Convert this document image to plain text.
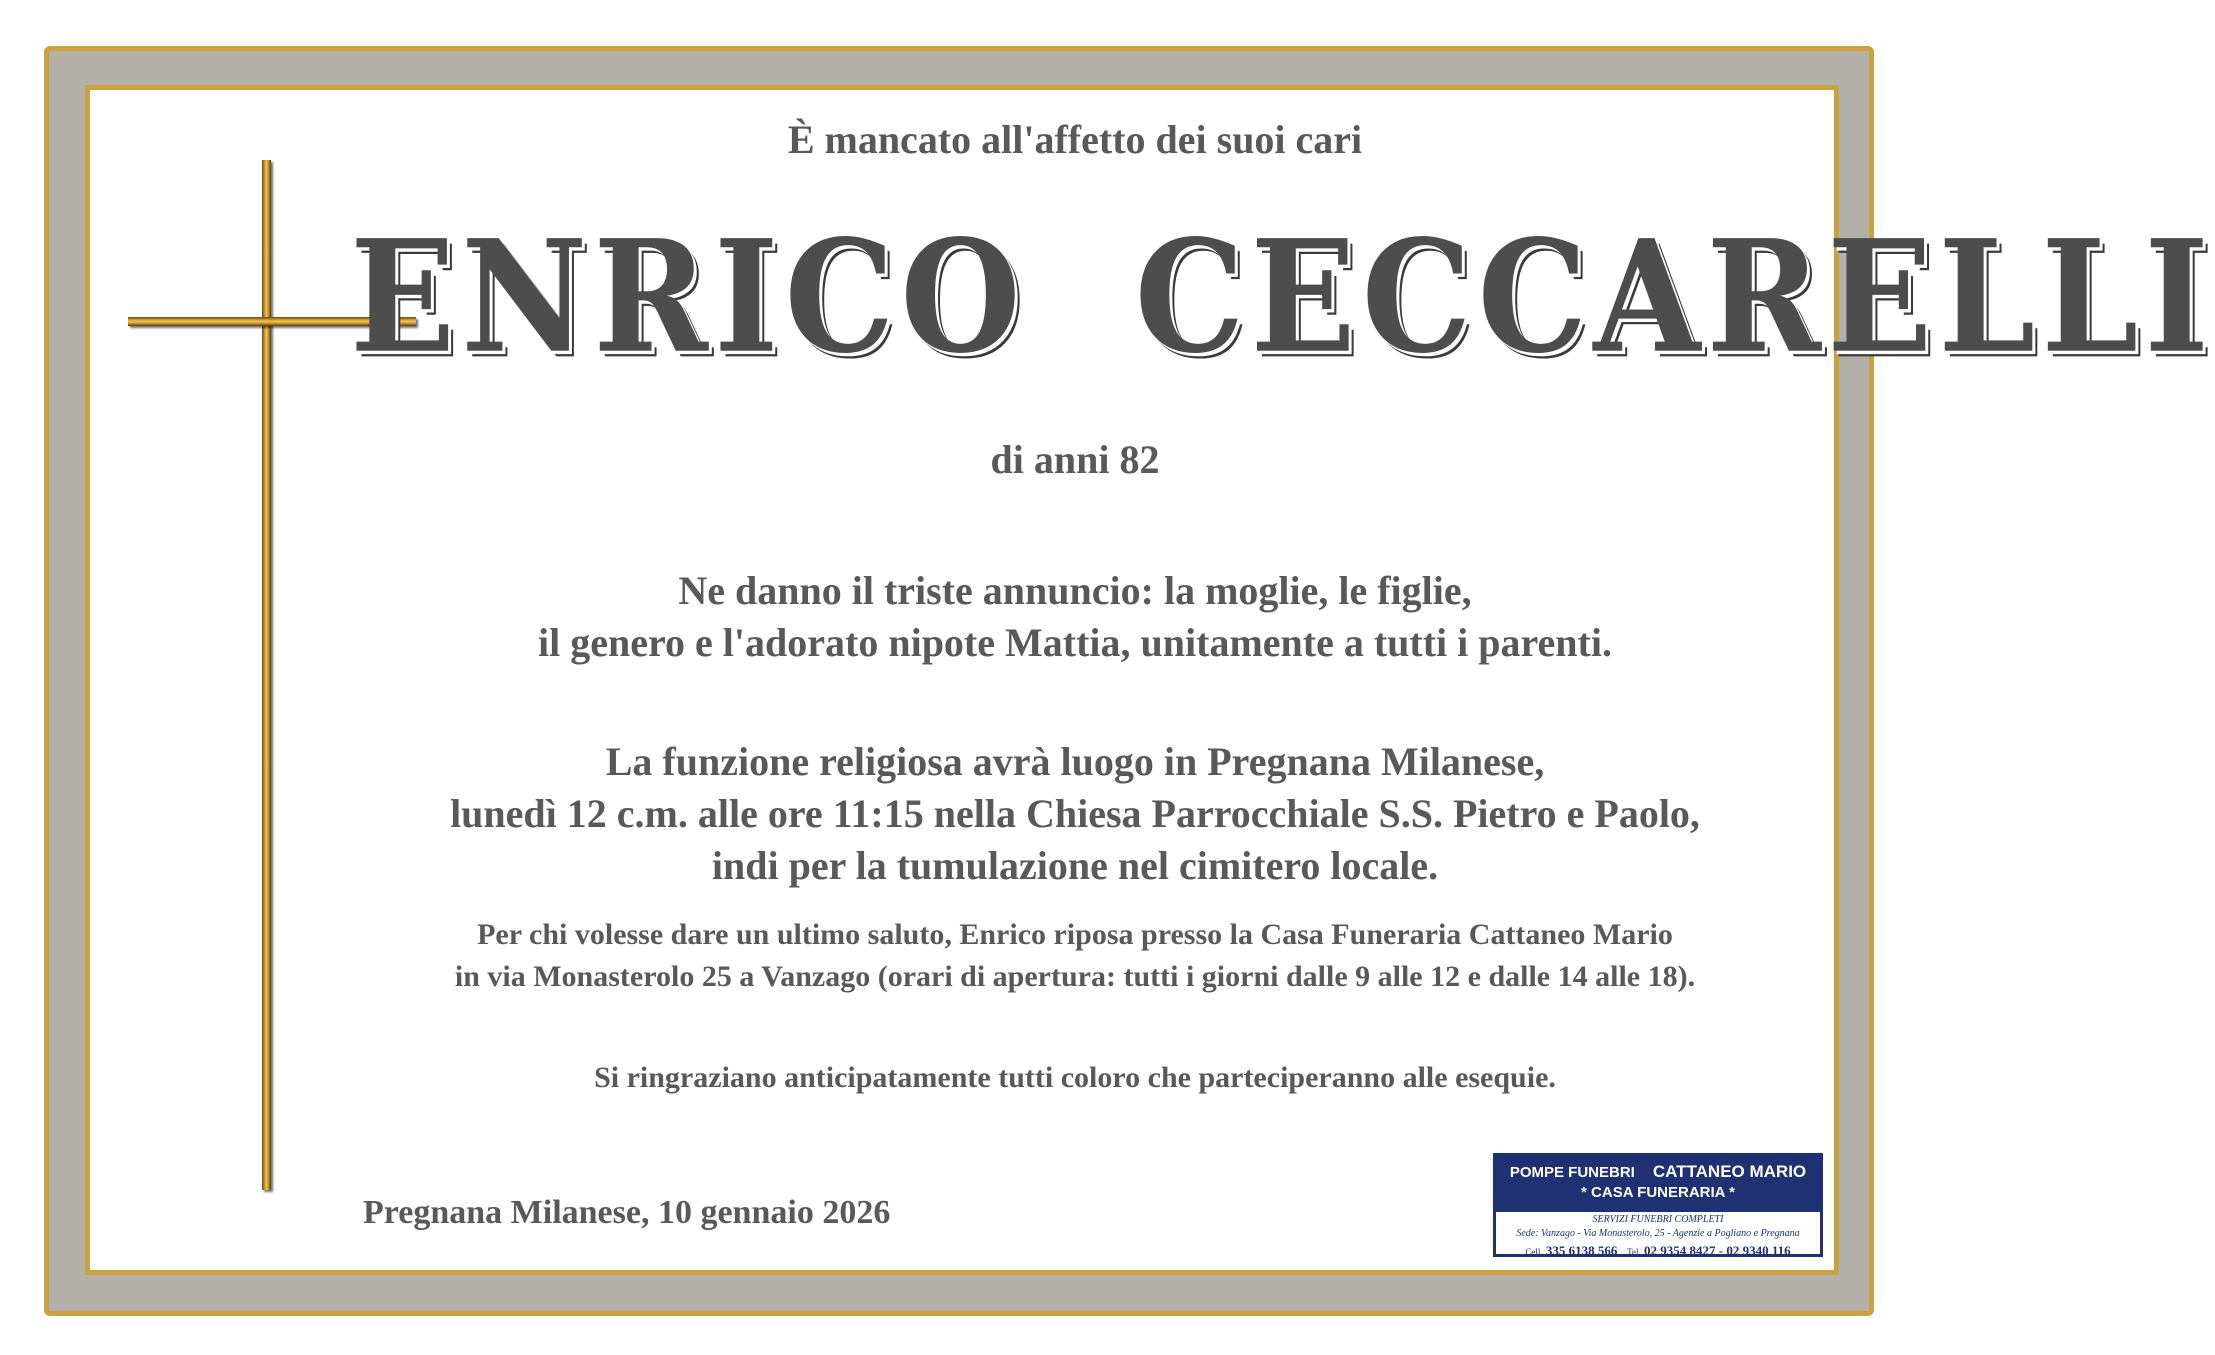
È mancato all'affetto dei suoi cari
ENRICO  CECCARELLI
di anni 82
Ne danno il triste annuncio: la moglie, le figlie,
il genero e l'adorato nipote Mattia, unitamente a tutti i parenti.
La funzione religiosa avrà luogo in Pregnana Milanese,
lunedì 12 c.m. alle ore 11:15 nella Chiesa Parrocchiale S.S. Pietro e Paolo,
indi per la tumulazione nel cimitero locale.
Per chi volesse dare un ultimo saluto, Enrico riposa presso la Casa Funeraria Cattaneo Mario
in via Monasterolo 25 a Vanzago (orari di apertura: tutti i giorni dalle 9 alle 12 e dalle 14 alle 18).
Si ringraziano anticipatamente tutti coloro che parteciperanno alle esequie.
Pregnana Milanese, 10 gennaio 2026
POMPE FUNEBRI CATTANEO MARIO
* CASA FUNERARIA *
SERVIZI FUNEBRI COMPLETI
Sede: Vanzago - Via Monasterolo, 25 - Agenzie a Pogliano e Pregnana
Cell. 335 6138 566 Tel. 02 9354 8427 - 02 9340 116
